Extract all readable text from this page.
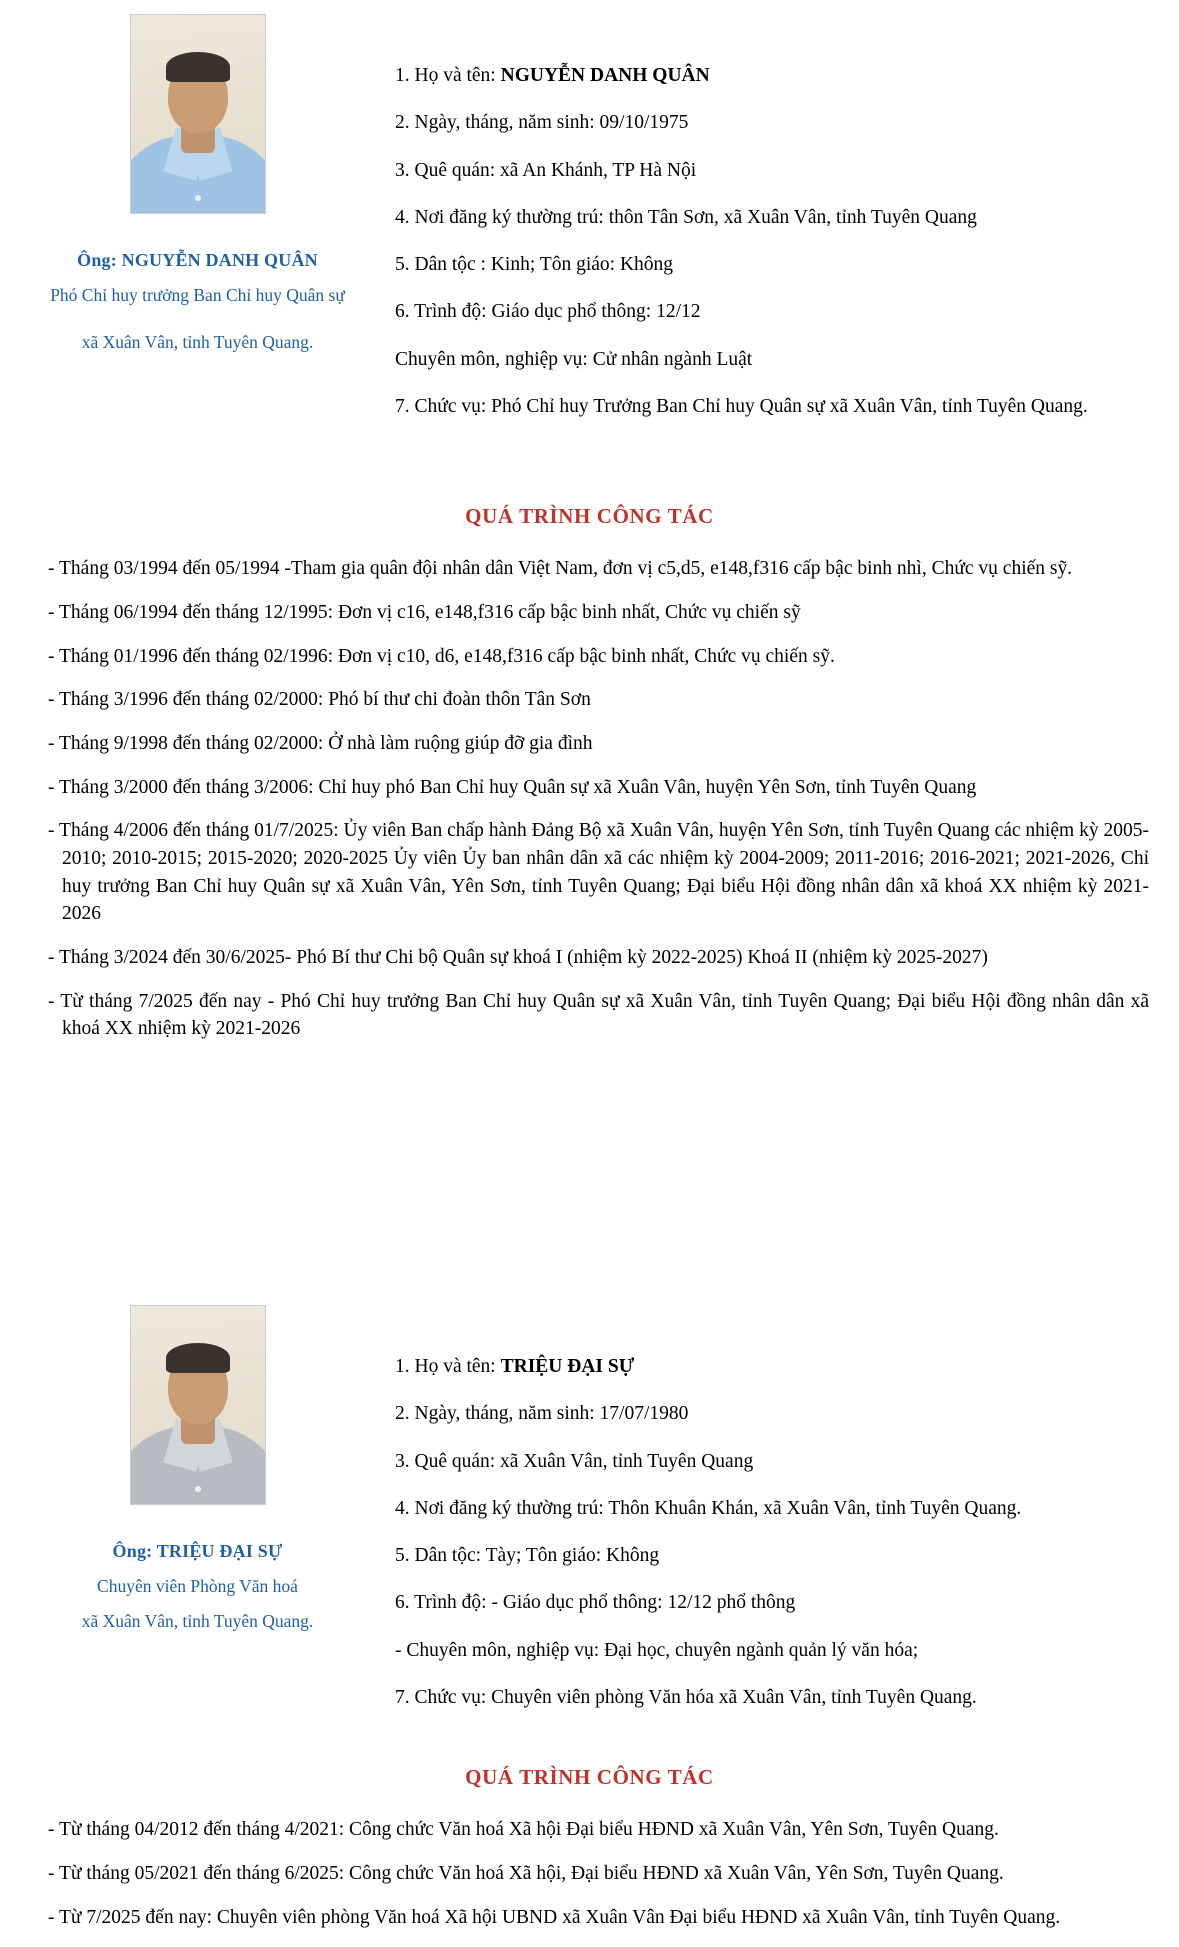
Ông: NGUYỄN DANH QUÂN
Phó Chỉ huy trưởng Ban Chỉ huy Quân sự
xã Xuân Vân, tỉnh Tuyên Quang.

1. Họ và tên: NGUYỄN DANH QUÂN

2. Ngày, tháng, năm sinh: 09/10/1975

3. Quê quán: xã An Khánh, TP Hà Nội

4. Nơi đăng ký thường trú: thôn Tân Sơn, xã Xuân Vân, tỉnh Tuyên Quang

5. Dân tộc : Kinh; Tôn giáo: Không

6. Trình độ: Giáo dục phổ thông: 12/12

Chuyên môn, nghiệp vụ: Cử nhân ngành Luật

7. Chức vụ: Phó Chỉ huy Trưởng Ban Chỉ huy Quân sự xã Xuân Vân, tỉnh Tuyên Quang.

QUÁ TRÌNH CÔNG TÁC

- Tháng 03/1994 đến 05/1994 -Tham gia quân đội nhân dân Việt Nam, đơn vị c5,d5, e148,f316 cấp bậc binh nhì, Chức vụ chiến sỹ.

- Tháng 06/1994 đến tháng 12/1995: Đơn vị c16, e148,f316 cấp bậc binh nhất, Chức vụ chiến sỹ

- Tháng 01/1996 đến tháng 02/1996: Đơn vị c10, d6, e148,f316 cấp bậc binh nhất, Chức vụ chiến sỹ.

- Tháng 3/1996 đến tháng 02/2000: Phó bí thư chi đoàn thôn Tân Sơn

- Tháng 9/1998 đến tháng 02/2000: Ở nhà làm ruộng giúp đỡ gia đình

- Tháng 3/2000 đến tháng 3/2006: Chỉ huy phó Ban Chỉ huy Quân sự xã Xuân Vân, huyện Yên Sơn, tỉnh Tuyên Quang

- Tháng 4/2006 đến tháng 01/7/2025: Ủy viên Ban chấp hành Đảng Bộ xã Xuân Vân, huyện Yên Sơn, tỉnh Tuyên Quang các nhiệm kỳ 2005-2010; 2010-2015; 2015-2020; 2020-2025 Ủy viên Ủy ban nhân dân xã các nhiệm kỳ 2004-2009; 2011-2016; 2016-2021; 2021-2026, Chỉ huy trưởng Ban Chỉ huy Quân sự xã Xuân Vân, Yên Sơn, tỉnh Tuyên Quang; Đại biểu Hội đồng nhân dân xã khoá XX nhiệm kỳ 2021-2026

- Tháng 3/2024 đến 30/6/2025- Phó Bí thư Chi bộ Quân sự khoá I (nhiệm kỳ 2022-2025) Khoá II (nhiệm kỳ 2025-2027)

- Từ tháng 7/2025 đến nay - Phó Chỉ huy trưởng Ban Chỉ huy Quân sự xã Xuân Vân, tỉnh Tuyên Quang; Đại biểu Hội đồng nhân dân xã khoá XX nhiệm kỳ 2021-2026

Ông: TRIỆU ĐẠI SỰ
Chuyên viên Phòng Văn hoá
xã Xuân Vân, tỉnh Tuyên Quang.

1. Họ và tên: TRIỆU ĐẠI SỰ

2. Ngày, tháng, năm sinh: 17/07/1980

3. Quê quán: xã Xuân Vân, tỉnh Tuyên Quang

4. Nơi đăng ký thường trú: Thôn Khuân Khán, xã Xuân Vân, tỉnh Tuyên Quang.

5. Dân tộc: Tày; Tôn giáo: Không

6. Trình độ: - Giáo dục phổ thông: 12/12 phổ thông

- Chuyên môn, nghiệp vụ: Đại học, chuyên ngành quản lý văn hóa;

7. Chức vụ: Chuyên viên phòng Văn hóa xã Xuân Vân, tỉnh Tuyên Quang.

QUÁ TRÌNH CÔNG TÁC

- Từ tháng 04/2012 đến tháng 4/2021: Công chức Văn hoá Xã hội Đại biểu HĐND xã Xuân Vân, Yên Sơn, Tuyên Quang.

- Từ tháng 05/2021 đến tháng 6/2025: Công chức Văn hoá Xã hội, Đại biểu HĐND xã Xuân Vân, Yên Sơn, Tuyên Quang.

- Từ 7/2025 đến nay: Chuyên viên phòng Văn hoá Xã hội UBND xã Xuân Vân Đại biểu HĐND xã Xuân Vân, tỉnh Tuyên Quang.
